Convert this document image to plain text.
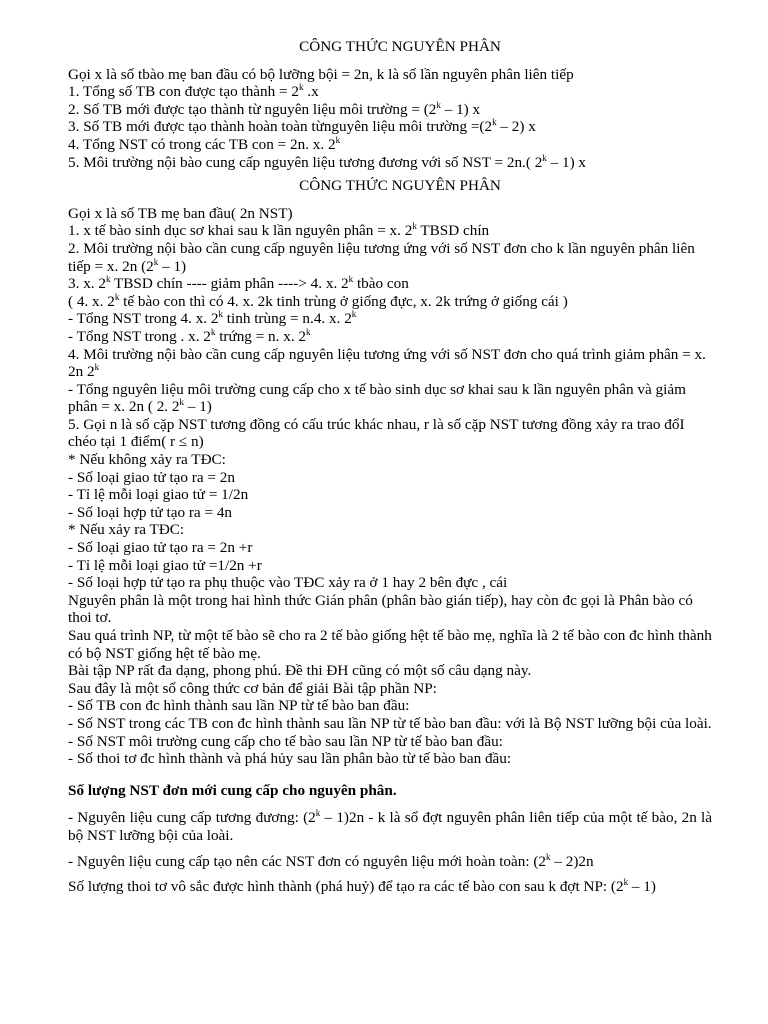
CÔNG THỨC NGUYÊN PHÂN
Gọi x là số tbào mẹ ban đầu có bộ lưỡng bội = 2n, k là số lần nguyên phân liên tiếp
1. Tổng số TB con được tạo thành = $2^k$ .x
2. Số TB mới được tạo thành từ nguyên liệu môi trường = $(2^k - 1)$ x
3. Số TB mới được tạo thành hoàn toàn từnguyên liệu môi trường $=(2^k - 2)$ x
4. Tổng NST có trong các TB con = 2n. x. 2$^k$
5. Môi trường nội bào cung cấp nguyên liệu tương đương với số NST = 2n.( 2$^k$ – 1) x
CÔNG THỨC NGUYÊN PHÂN
Gọi x là số TB mẹ ban đầu( 2n NST)
1. x tế bào sinh dục sơ khai sau k lần nguyên phân = x. 2$^k$ TBSD chín
2. Môi trường nội bào cần cung cấp nguyên liệu tương ứng với số NST đơn cho k lần nguyên phân liên tiếp = x. 2n (2$^k$ – 1)
3. x. 2$^k$ TBSD chín ---- giảm phân ----> 4. x. 2$^k$ tbào con
( 4. x. 2$^k$ tế bào con thì có 4. x. 2k tinh trùng ở giống đực, x. 2k trứng ở giống cái )
- Tổng NST trong 4. x. 2$^k$ tinh trùng = n.4. x. 2$^k$
- Tổng NST trong . x. 2$^k$ trứng = n. x. 2$^k$
4. Môi trường nội bào cần cung cấp nguyên liệu tương ứng với số NST đơn cho quá trình giảm phân = x. 2n 2$^k$
- Tổng nguyên liệu môi trường cung cấp cho x tế bào sinh dục sơ khai sau k lần nguyên phân và giảm phân = x. 2n ( 2. 2$^k$ – 1)
5. Gọi n là số cặp NST tương đồng có cấu trúc khác nhau, r là số cặp NST tương đồng xảy ra trao đổI chéo tại 1 điểm( r ≤ n)
* Nếu không xảy ra TĐC:
- Số loại giao tử tạo ra = 2n
- Tỉ lệ mỗi loại giao tử = 1/2n
- Số loại hợp tử tạo ra = 4n
* Nếu xảy ra TĐC:
- Số loại giao tử tạo ra = 2n +r
- Tỉ lệ mỗi loại giao tử =1/2n +r
- Số loại hợp tử tạo ra phụ thuộc vào TĐC xảy ra ở 1 hay 2 bên đực , cái
Nguyên phân là một trong hai hình thức Gián phân (phân bào gián tiếp), hay còn đc gọi là Phân bào có thoi tơ.
Sau quá trình NP, từ một tế bào sẽ cho ra 2 tế bào giống hệt tế bào mẹ, nghĩa là 2 tế bào con đc hình thành có bộ NST giống hệt tế bào mẹ.
Bài tập NP rất đa dạng, phong phú. Đề thi ĐH cũng có một số câu dạng này.
Sau đây là một số công thức cơ bản để giải Bài tập phần NP:
- Số TB con đc hình thành sau lần NP từ tế bào ban đầu:
- Số NST trong các TB con đc hình thành sau lần NP từ tế bào ban đầu: với là Bộ NST lưỡng bội của loài.
- Số NST môi trường cung cấp cho tế bào sau lần NP từ tế bào ban đầu:
- Số thoi tơ đc hình thành và phá hủy sau lần phân bào từ tế bào ban đầu:
Số lượng NST đơn mới cung cấp cho nguyên phân.
- Nguyên liệu cung cấp tương đương: (2$^k$ – 1)2n - k là số đợt nguyên phân liên tiếp của một tế bào, 2n là bộ NST lưỡng bội của loài.
- Nguyên liệu cung cấp tạo nên các NST đơn có nguyên liệu mới hoàn toàn: (2$^k$ – 2)2n
Số lượng thoi tơ vô sắc được hình thành (phá huỷ) để tạo ra các tế bào con sau k đợt NP: (2$^k$ – 1)
